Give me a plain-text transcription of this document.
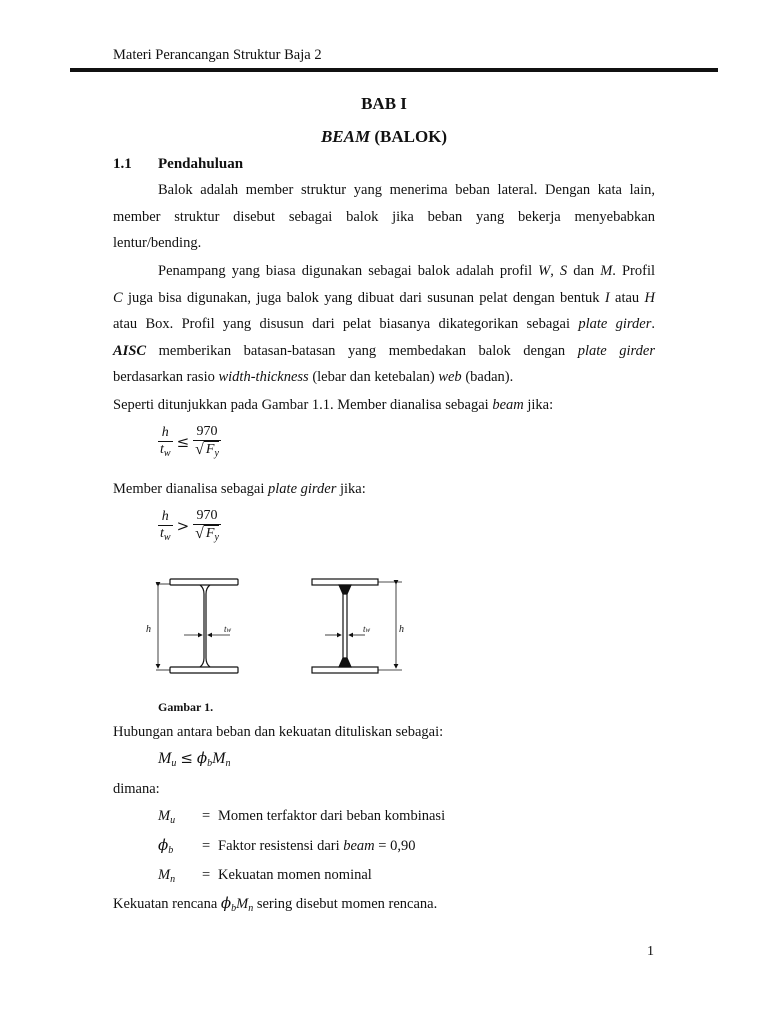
Materi Perancangan Struktur Baja 2
BAB I
BEAM (BALOK)
1.1 Pendahuluan
Balok adalah member struktur yang menerima beban lateral. Dengan kata lain,
member struktur disebut sebagai balok jika beban yang bekerja menyebabkan
lentur/bending.
Penampang yang biasa digunakan sebagai balok adalah profil W, S dan M. Profil
C juga bisa digunakan, juga balok yang dibuat dari susunan pelat dengan bentuk I atau H
atau Box. Profil yang disusun dari pelat biasanya dikategorikan sebagai plate girder.
AISC memberikan batasan-batasan yang membedakan balok dengan plate girder
berdasarkan rasio width-thickness (lebar dan ketebalan) web (badan).
Seperti ditunjukkan pada Gambar 1.1. Member dianalisa sebagai beam jika:
$\frac{h}{t_w} \le \frac{970}{√ F_y}$
Member dianalisa sebagai plate girder jika:
$\frac{h}{t_w} > \frac{970}{√ F_y}$
h	tw	tw	h
Gambar 1.
Hubungan antara beban dan kekuatan dituliskan sebagai:
$M_u \le \phi_bM_n$
dimana:
$M_u$ = Momen terfaktor dari beban kombinasi
$\phi_b$ = Faktor resistensi dari beam = 0,90
$M_n$ = Kekuatan momen nominal
Kekuatan rencana $\phi_bM_n$ sering disebut momen rencana.
1
